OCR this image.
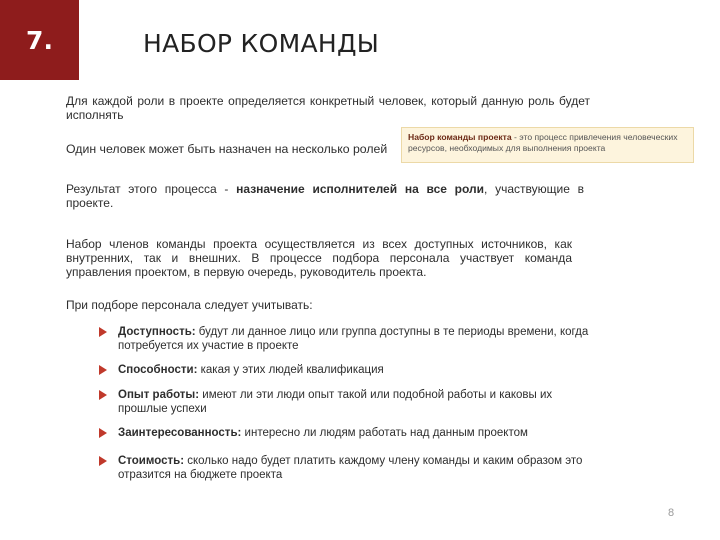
7.	НАБОР КОМАНДЫ
Для каждой роли в проекте определяется конкретный человек, который данную роль будет исполнять
Один человек может быть назначен на несколько ролей
Набор команды проекта - это процесс привлечения человеческих ресурсов, необходимых для выполнения проекта
Результат этого процесса - назначение исполнителей на все роли, участвующие в проекте.
Набор членов команды проекта осуществляется из всех доступных источников, как внутренних, так и внешних. В процессе подбора персонала участвует команда управления проектом, в первую очередь, руководитель проекта.
При подборе персонала следует учитывать:
Доступность: будут ли данное лицо или группа доступны в те периоды времени, когда потребуется их участие в проекте
Способности: какая у этих людей квалификация
Опыт работы: имеют ли эти люди опыт такой или подобной работы и каковы их прошлые успехи
Заинтересованность: интересно ли людям работать над данным проектом
Стоимость: сколько надо будет платить каждому члену команды и каким образом это отразится на бюджете проекта
8
